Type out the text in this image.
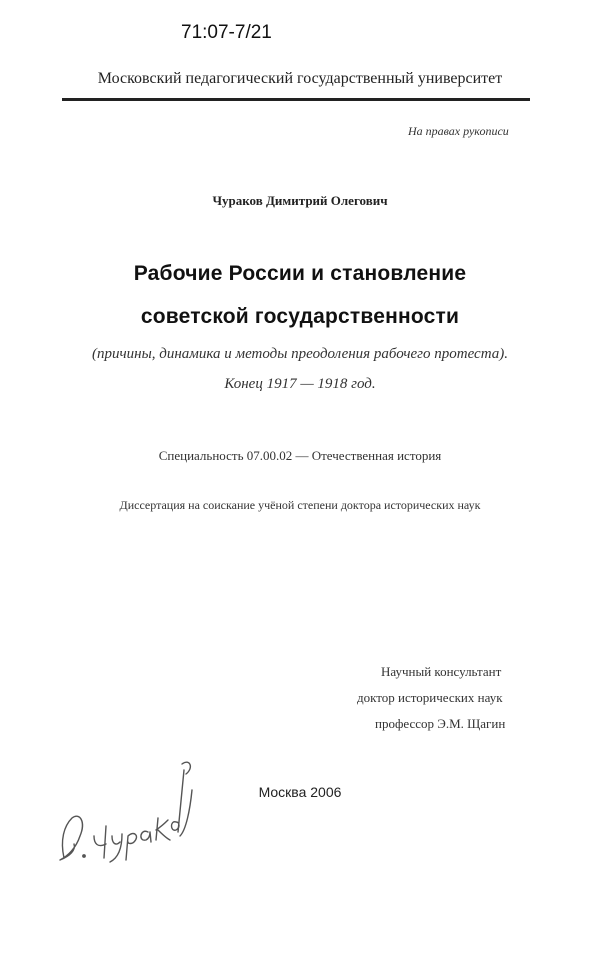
71:07-7/21
Московский педагогический государственный университет
На правах рукописи
Чураков Димитрий Олегович
Рабочие России и становление
советской государственности
(причины, динамика и методы преодоления рабочего протеста).
Конец 1917 — 1918 год.
Специальность 07.00.02 — Отечественная история
Диссертация на соискание учёной степени доктора исторических наук
Научный консультант
доктор исторических наук
профессор Э.М. Щагин
Москва 2006
